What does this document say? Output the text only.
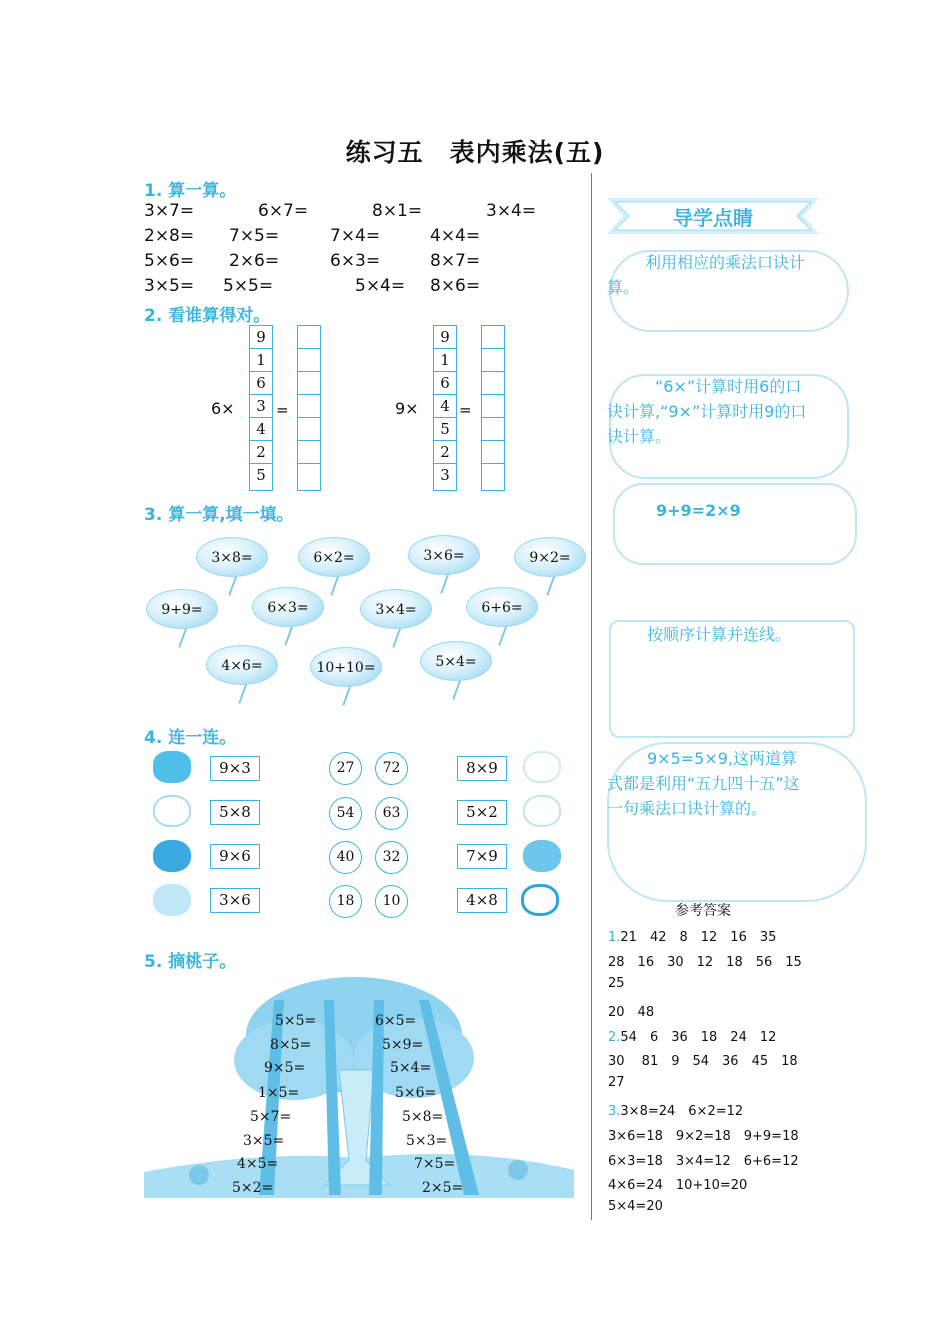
练习五　表内乘法(五)
1. 算一算。
3×7=	6×7=	8×1=	3×4=
2×8= 7×5=	7×4=	4×4=
5×6= 2×6=	6×3=	8×7=
3×5= 5×5=	5×4= 8×6=
2. 看谁算得对。
6×
9
1
6
3
4
2
5
=	9×
9
1
6
4
5
2
3
=
3. 算一算,填一填。
3×8=	6×2=	3×6=	9×2=
9+9=	6×3=	3×4=	6+6=
4×6=	10+10=	5×4=
4. 连一连。
9×3
5×8
9×6
3×6
27	72
54	63
40	32
18	10
8×9
5×2
7×9
4×8
5. 摘桃子。
5×5=
8×5=
9×5=
1×5=
5×7=
3×5=
4×5=
5×2=
6×5=
5×9=
5×4=
5×6=
5×8=
5×3=
7×5=
2×5=
导学点睛
利用相应的乘法口诀计算。
“6×”计算时用6的口诀计算,“9×”计算时用9的口诀计算。
9+9=2×9
按顺序计算并连线。
9×5=5×9,这两道算式都是利用“五九四十五”这一句乘法口诀计算的。
参考答案
1.21　42　8　12　16　35
28　16　30　12　18　56　15
25
20　48
2.54　6　36　18　24　12
30　 81　9　54　36　45　18
27
3.3×8=24　6×2=12
3×6=18　9×2=18　9+9=18
6×3=18　3×4=12　6+6=12
4×6=24　10+10=20
5×4=20
